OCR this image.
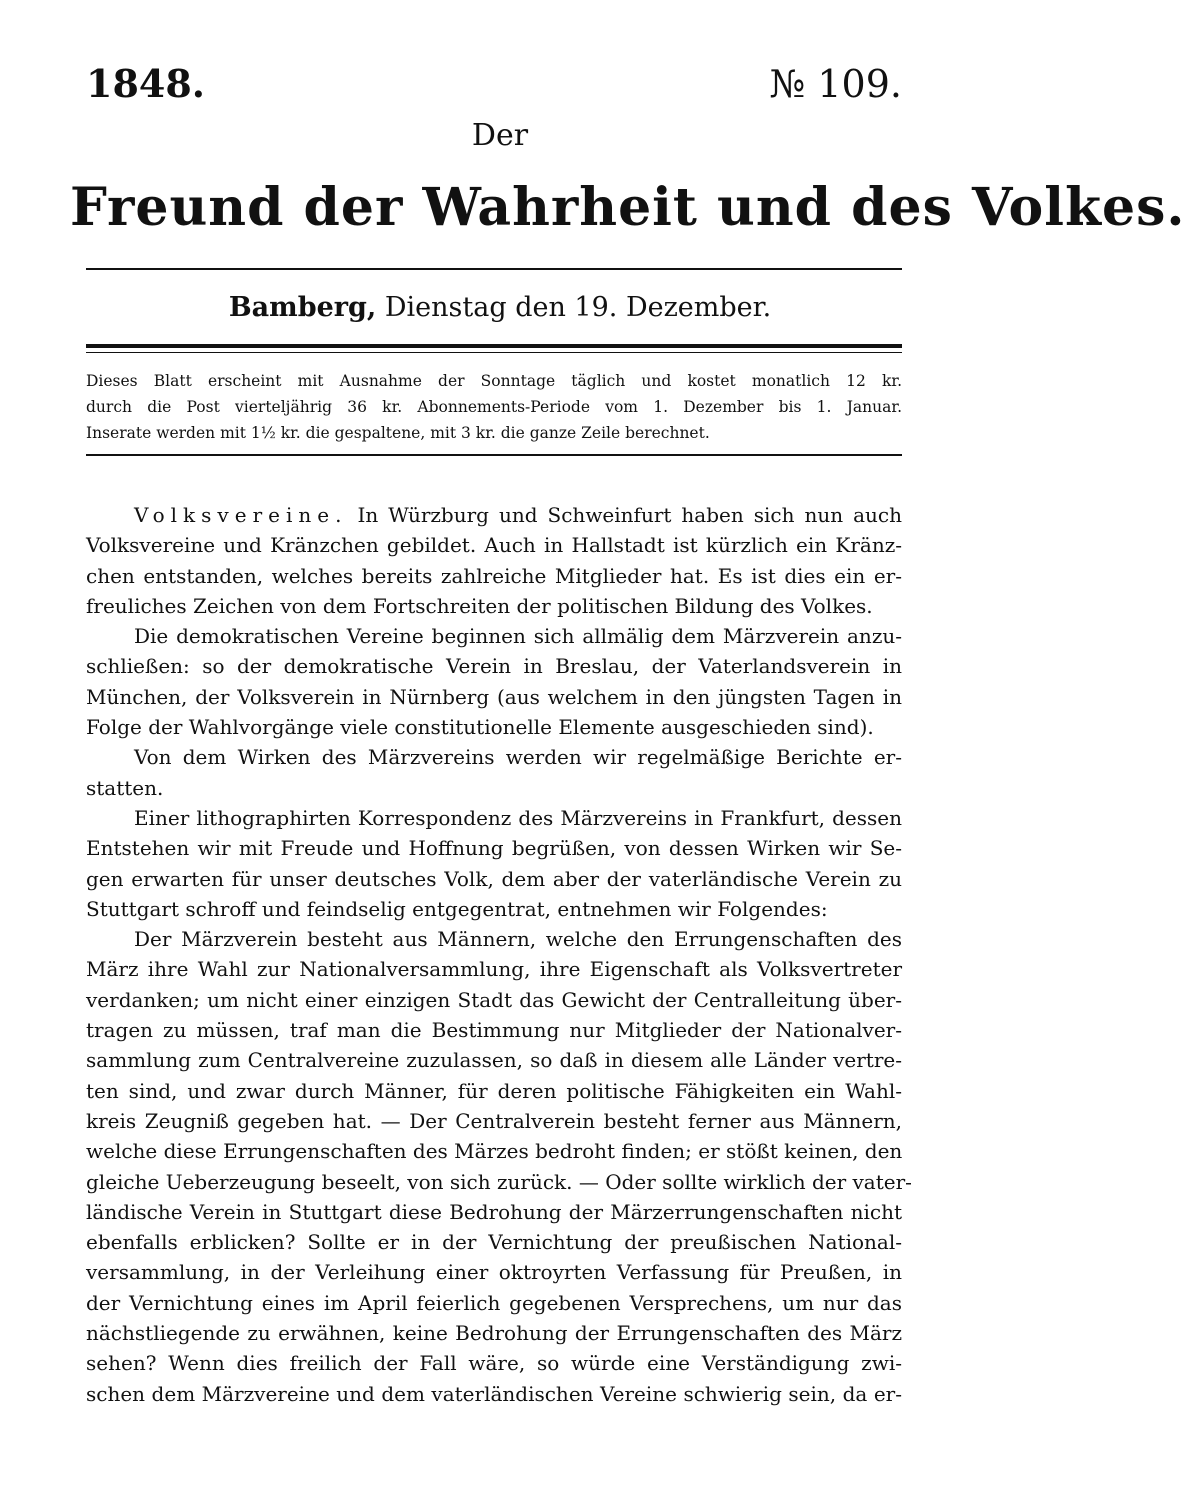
1848.	№ 109.
Der
Freund der Wahrheit und des Volkes.
Bamberg, Dienstag den 19. Dezember.
Dieses Blatt erscheint mit Ausnahme der Sonntage täglich und kostet monatlich 12 kr.
durch die Post vierteljährig 36 kr. Abonnements-Periode vom 1. Dezember bis 1. Januar.
Inserate werden mit 1½ kr. die gespaltene, mit 3 kr. die ganze Zeile berechnet.
Volksvereine. In Würzburg und Schweinfurt haben sich nun auch
Volksvereine und Kränzchen gebildet. Auch in Hallstadt ist kürzlich ein Kränz-
chen entstanden, welches bereits zahlreiche Mitglieder hat. Es ist dies ein er-
freuliches Zeichen von dem Fortschreiten der politischen Bildung des Volkes.
Die demokratischen Vereine beginnen sich allmälig dem Märzverein anzu-
schließen: so der demokratische Verein in Breslau, der Vaterlandsverein in
München, der Volksverein in Nürnberg (aus welchem in den jüngsten Tagen in
Folge der Wahlvorgänge viele constitutionelle Elemente ausgeschieden sind).
Von dem Wirken des Märzvereins werden wir regelmäßige Berichte er-
statten.
Einer lithographirten Korrespondenz des Märzvereins in Frankfurt, dessen
Entstehen wir mit Freude und Hoffnung begrüßen, von dessen Wirken wir Se-
gen erwarten für unser deutsches Volk, dem aber der vaterländische Verein zu
Stuttgart schroff und feindselig entgegentrat, entnehmen wir Folgendes:
Der Märzverein besteht aus Männern, welche den Errungenschaften des
März ihre Wahl zur Nationalversammlung, ihre Eigenschaft als Volksvertreter
verdanken; um nicht einer einzigen Stadt das Gewicht der Centralleitung über-
tragen zu müssen, traf man die Bestimmung nur Mitglieder der Nationalver-
sammlung zum Centralvereine zuzulassen, so daß in diesem alle Länder vertre-
ten sind, und zwar durch Männer, für deren politische Fähigkeiten ein Wahl-
kreis Zeugniß gegeben hat. — Der Centralverein besteht ferner aus Männern,
welche diese Errungenschaften des Märzes bedroht finden; er stößt keinen, den
gleiche Ueberzeugung beseelt, von sich zurück. — Oder sollte wirklich der vater-
ländische Verein in Stuttgart diese Bedrohung der Märzerrungenschaften nicht
ebenfalls erblicken? Sollte er in der Vernichtung der preußischen National-
versammlung, in der Verleihung einer oktroyrten Verfassung für Preußen, in
der Vernichtung eines im April feierlich gegebenen Versprechens, um nur das
nächstliegende zu erwähnen, keine Bedrohung der Errungenschaften des März
sehen? Wenn dies freilich der Fall wäre, so würde eine Verständigung zwi-
schen dem Märzvereine und dem vaterländischen Vereine schwierig sein, da er-
